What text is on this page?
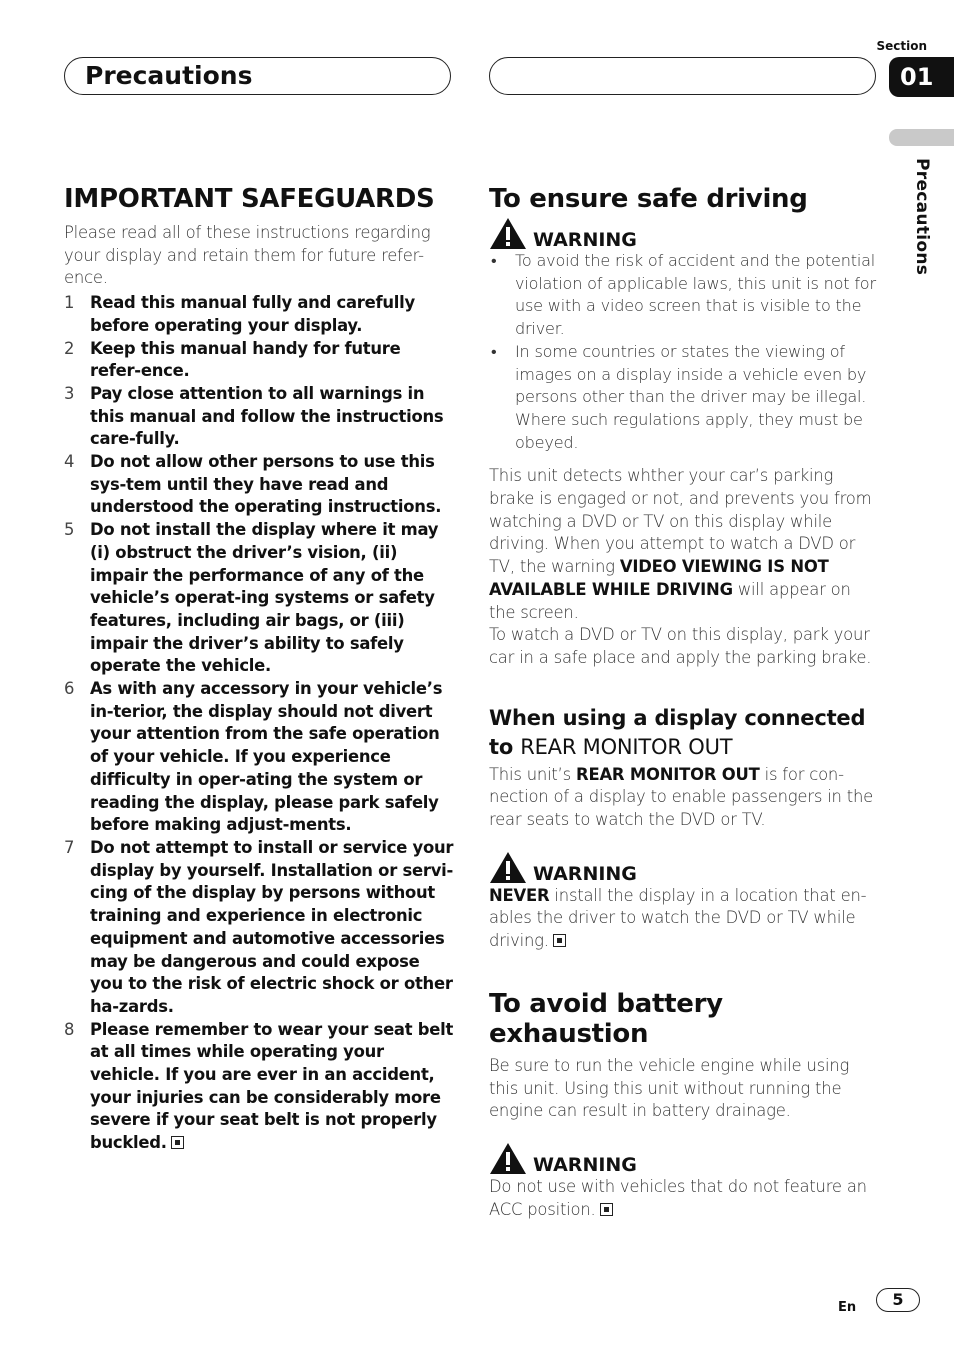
Precautions
Section
01
Precautions
IMPORTANT SAFEGUARDS

Please read all of these instructions regarding your display and retain them for future refer-ence.

1 Read this manual fully and carefully before operating your display.
2 Keep this manual handy for future refer-ence.
3 Pay close attention to all warnings in this manual and follow the instructions care-fully.
4 Do not allow other persons to use this sys-tem until they have read and understood the operating instructions.
5 Do not install the display where it may (i) obstruct the driver’s vision, (ii) impair the performance of any of the vehicle’s operat-ing systems or safety features, including air bags, or (iii) impair the driver’s ability to safely operate the vehicle.
6 As with any accessory in your vehicle’s in-terior, the display should not divert your attention from the safe operation of your vehicle. If you experience difficulty in oper-ating the system or reading the display, please park safely before making adjust-ments.
7 Do not attempt to install or service your display by yourself. Installation or servi-cing of the display by persons without training and experience in electronic equipment and automotive accessories may be dangerous and could expose you to the risk of electric shock or other ha-zards.
8 Please remember to wear your seat belt at all times while operating your vehicle. If you are ever in an accident, your injuries can be considerably more severe if your seat belt is not properly buckled.
To ensure safe driving
WARNING
• To avoid the risk of accident and the potential violation of applicable laws, this unit is not for use with a video screen that is visible to the driver.
• In some countries or states the viewing of images on a display inside a vehicle even by persons other than the driver may be illegal. Where such regulations apply, they must be obeyed.

This unit detects whther your car’s parking brake is engaged or not, and prevents you from watching a DVD or TV on this display while driving. When you attempt to watch a DVD or TV, the warning VIDEO VIEWING IS NOT AVAILABLE WHILE DRIVING will appear on the screen.

To watch a DVD or TV on this display, park your car in a safe place and apply the parking brake.

When using a display connected to REAR MONITOR OUT

This unit’s REAR MONITOR OUT is for con-nection of a display to enable passengers in the rear seats to watch the DVD or TV.

WARNING

NEVER install the display in a location that en-ables the driver to watch the DVD or TV while driving.

To avoid battery exhaustion

Be sure to run the vehicle engine while using this unit. Using this unit without running the engine can result in battery drainage.

WARNING

Do not use with vehicles that do not feature an ACC position.

En	5
